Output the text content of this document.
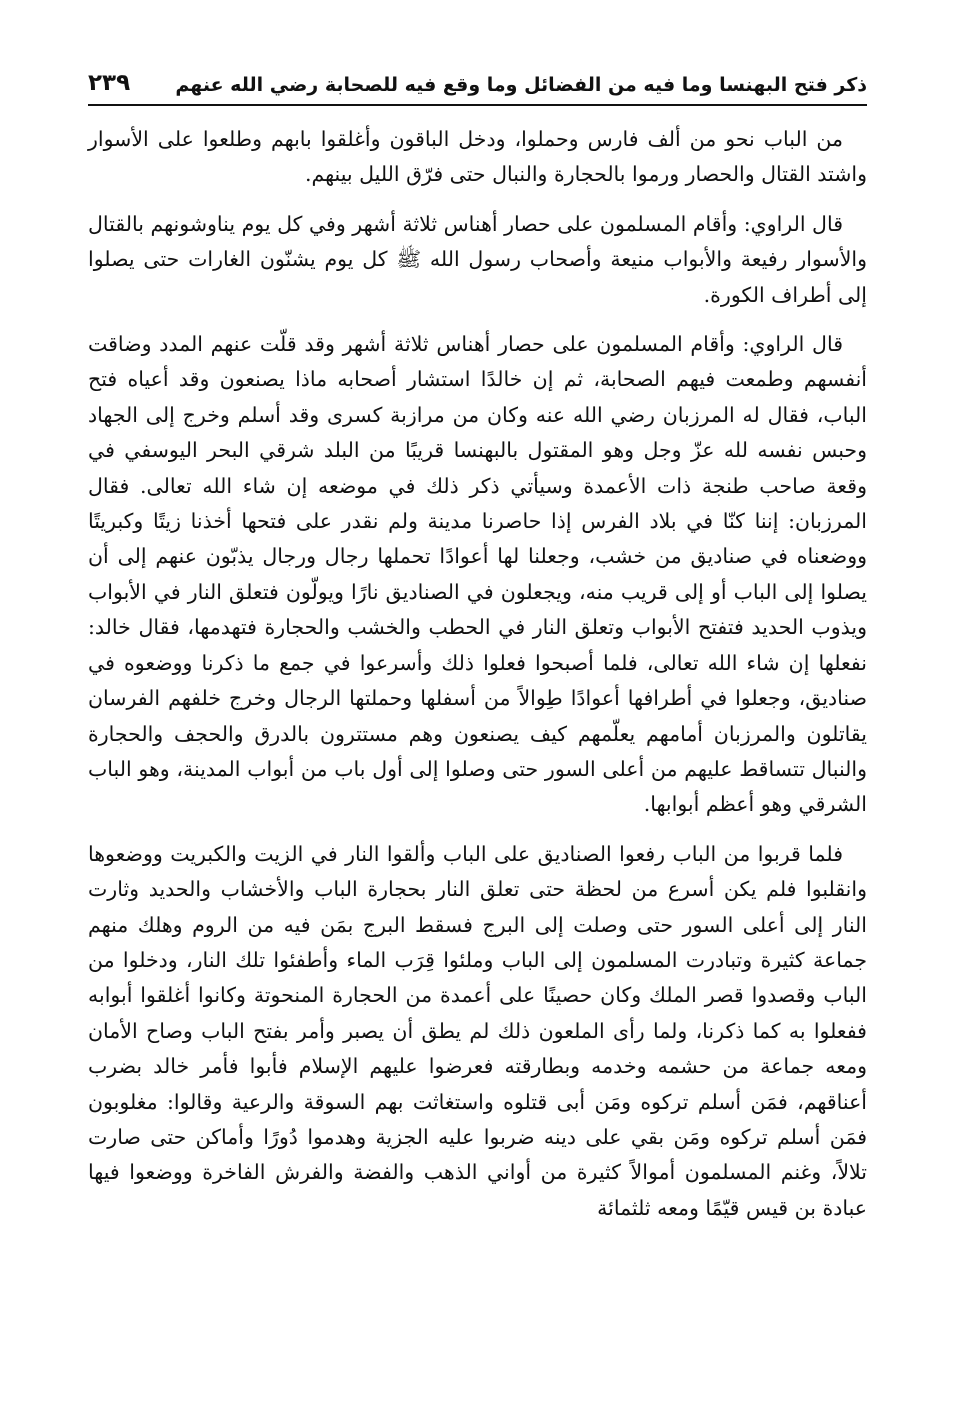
٢٣٩ ذكر فتح البهنسا وما فيه من الفضائل وما وقع فيه للصحابة رضي الله عنهم

من الباب نحو من ألف فارس وحملوا، ودخل الباقون وأغلقوا بابهم وطلعوا على الأسوار واشتد القتال والحصار ورموا بالحجارة والنبال حتى فرّق الليل بينهم.

قال الراوي: وأقام المسلمون على حصار أهناس ثلاثة أشهر وفي كل يوم يناوشونهم بالقتال والأسوار رفيعة والأبواب منيعة وأصحاب رسول الله ﷺ كل يوم يشنّون الغارات حتى يصلوا إلى أطراف الكورة.

قال الراوي: وأقام المسلمون على حصار أهناس ثلاثة أشهر وقد قلّت عنهم المدد وضاقت أنفسهم وطمعت فيهم الصحابة، ثم إن خالدًا استشار أصحابه ماذا يصنعون وقد أعياه فتح الباب، فقال له المرزبان رضي الله عنه وكان من مرازبة كسرى وقد أسلم وخرج إلى الجهاد وحبس نفسه لله عزّ وجل وهو المقتول بالبهنسا قريبًا من البلد شرقي البحر اليوسفي في وقعة صاحب طنجة ذات الأعمدة وسيأتي ذكر ذلك في موضعه إن شاء الله تعالى. فقال المرزبان: إننا كنّا في بلاد الفرس إذا حاصرنا مدينة ولم نقدر على فتحها أخذنا زيتًا وكبريتًا ووضعناه في صناديق من خشب، وجعلنا لها أعوادًا تحملها رجال ورجال يذبّون عنهم إلى أن يصلوا إلى الباب أو إلى قريب منه، ويجعلون في الصناديق نارًا ويولّون فتعلق النار في الأبواب ويذوب الحديد فتفتح الأبواب وتعلق النار في الحطب والخشب والحجارة فتهدمها، فقال خالد: نفعلها إن شاء الله تعالى، فلما أصبحوا فعلوا ذلك وأسرعوا في جمع ما ذكرنا ووضعوه في صناديق، وجعلوا في أطرافها أعوادًا طِوالاً من أسفلها وحملتها الرجال وخرج خلفهم الفرسان يقاتلون والمرزبان أمامهم يعلّمهم كيف يصنعون وهم مستترون بالدرق والحجف والحجارة والنبال تتساقط عليهم من أعلى السور حتى وصلوا إلى أول باب من أبواب المدينة، وهو الباب الشرقي وهو أعظم أبوابها.

فلما قربوا من الباب رفعوا الصناديق على الباب وألقوا النار في الزيت والكبريت ووضعوها وانقلبوا فلم يكن أسرع من لحظة حتى تعلق النار بحجارة الباب والأخشاب والحديد وثارت النار إلى أعلى السور حتى وصلت إلى البرج فسقط البرج بمَن فيه من الروم وهلك منهم جماعة كثيرة وتبادرت المسلمون إلى الباب وملئوا قِرَب الماء وأطفئوا تلك النار، ودخلوا من الباب وقصدوا قصر الملك وكان حصينًا على أعمدة من الحجارة المنحوتة وكانوا أغلقوا أبوابه ففعلوا به كما ذكرنا، ولما رأى الملعون ذلك لم يطق أن يصبر وأمر بفتح الباب وصاح الأمان ومعه جماعة من حشمه وخدمه وبطارقته فعرضوا عليهم الإسلام فأبوا فأمر خالد بضرب أعناقهم، فمَن أسلم تركوه ومَن أبى قتلوه واستغاثت بهم السوقة والرعية وقالوا: مغلوبون فمَن أسلم تركوه ومَن بقي على دينه ضربوا عليه الجزية وهدموا دُورًا وأماكن حتى صارت تلالاً، وغنم المسلمون أموالاً كثيرة من أواني الذهب والفضة والفرش الفاخرة ووضعوا فيها عبادة بن قيس قيّمًا ومعه ثلثمائة
